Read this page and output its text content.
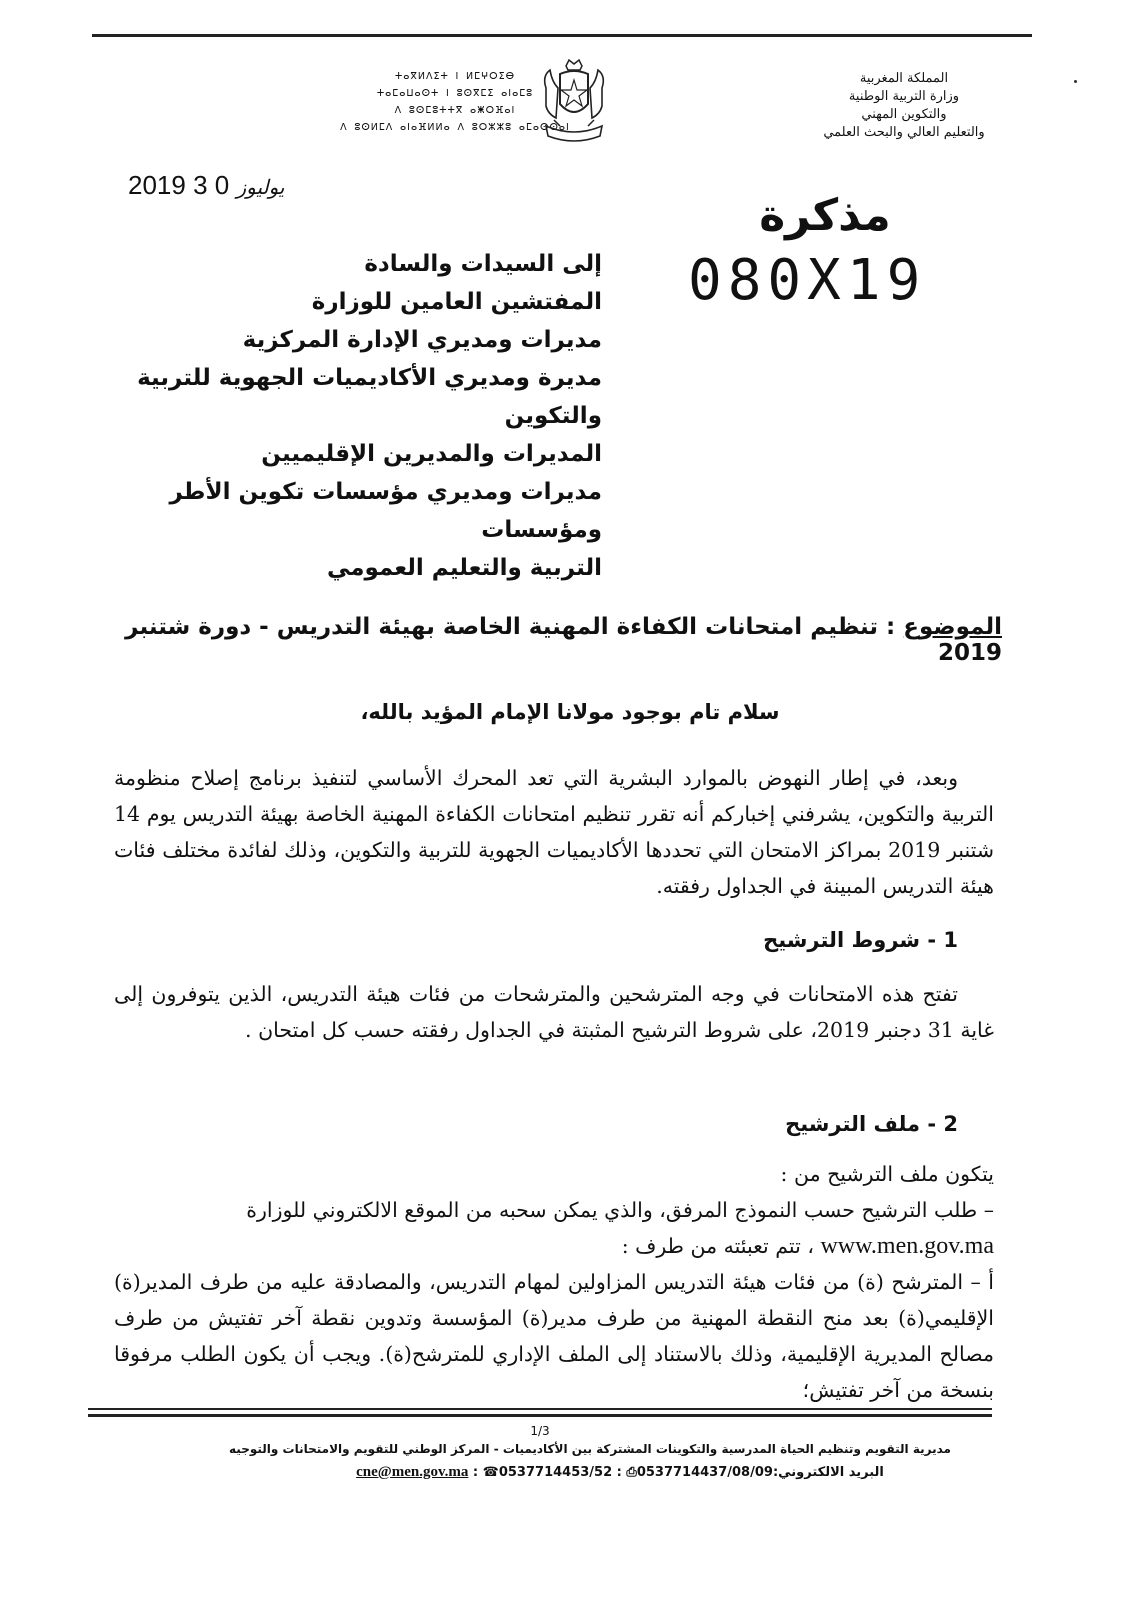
المملكة المغربية
وزارة التربية الوطنية
والتكوين المهني
والتعليم العالي والبحث العلمي
ⵜⴰⴳⵍⴷⵉⵜ ⵏ ⵍⵎⵖⵔⵉⴱ
ⵜⴰⵎⴰⵡⴰⵙⵜ ⵏ ⵓⵙⴳⵎⵉ ⴰⵏⴰⵎⵓ
ⴷ ⵓⵙⵎⵓⵜⵜⴳ ⴰⵥⵔⴼⴰⵏ
ⴷ ⵓⵙⵍⵎⴷ ⴰⵏⴰⴼⵍⵍⴰ ⴷ ⵓⵔⵣⵣⵓ ⴰⵎⴰⵙⵙⴰⵏ
2019	يوليوز 0 3
مذكرة
080X19
إلى السيدات والسادة
المفتشين العامين للوزارة
مديرات ومديري الإدارة المركزية
مديرة ومديري الأكاديميات الجهوية للتربية والتكوين
المديرات والمديرين الإقليميين
مديرات ومديري مؤسسات تكوين الأطر ومؤسسات
التربية والتعليم العمومي
الموضوع : تنظيم امتحانات الكفاءة المهنية الخاصة بهيئة التدريس - دورة شتنبر 2019
سلام تام بوجود مولانا الإمام المؤيد بالله،
وبعد، في إطار النهوض بالموارد البشرية التي تعد المحرك الأساسي لتنفيذ برنامج إصلاح منظومة التربية والتكوين، يشرفني إخباركم أنه تقرر تنظيم امتحانات الكفاءة المهنية الخاصة بهيئة التدريس يوم 14 شتنبر 2019 بمراكز الامتحان التي تحددها الأكاديميات الجهوية للتربية والتكوين، وذلك لفائدة مختلف فئات هيئة التدريس المبينة في الجداول رفقته.
1 - شروط الترشيح
تفتح هذه الامتحانات في وجه المترشحين والمترشحات من فئات هيئة التدريس، الذين يتوفرون إلى غاية 31 دجنبر 2019، على شروط الترشيح المثبتة في الجداول رفقته حسب كل امتحان .
2 - ملف الترشيح
يتكون ملف الترشيح من :
– طلب الترشيح حسب النموذج المرفق، والذي يمكن سحبه من الموقع الالكتروني للوزارة
www.men.gov.ma ، تتم تعبئته من طرف :
أ – المترشح (ة) من فئات هيئة التدريس المزاولين لمهام التدريس، والمصادقة عليه من طرف المدير(ة) الإقليمي(ة) بعد منح النقطة المهنية من طرف مدير(ة) المؤسسة وتدوين نقطة آخر تفتيش من طرف مصالح المديرية الإقليمية، وذلك بالاستناد إلى الملف الإداري للمترشح(ة). ويجب أن يكون الطلب مرفوقا بنسخة من آخر تفتيش؛
1/3
مديرية التقويم وتنظيم الحياة المدرسية والتكوينات المشتركة بين الأكاديميات - المركز الوطني للتقويم والامتحانات والتوجيه
البريد الالكتروني:cne@men.gov.ma : ☎0537714453/52 : ⎙0537714437/08/09
